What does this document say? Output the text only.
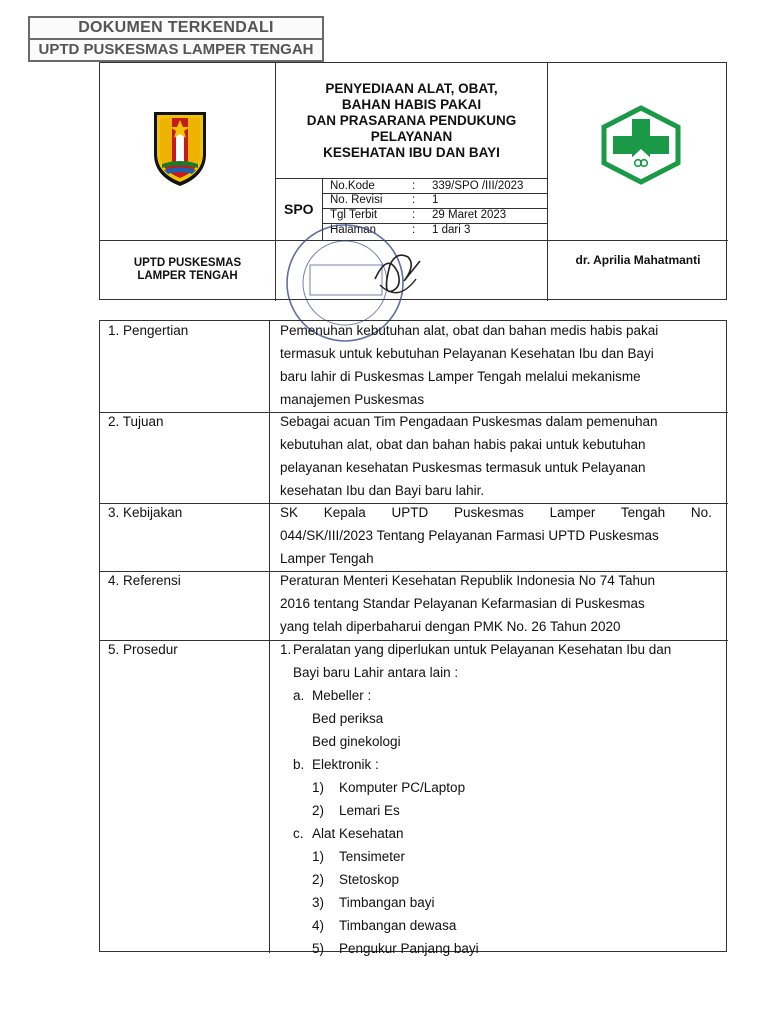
DOKUMEN TERKENDALI
UPTD PUSKESMAS LAMPER TENGAH
PENYEDIAAN ALAT, OBAT,
BAHAN HABIS PAKAI
DAN PRASARANA PENDUKUNG
PELAYANAN
KESEHATAN IBU DAN BAYI
SPO
No.Kode	: 339/SPO /III/2023
No. Revisi	: 1
Tgl Terbit	: 29 Maret 2023
Halaman	: 1 dari 3
UPTD PUSKESMAS
LAMPER TENGAH
dr. Aprilia Mahatmanti
1. Pengertian	Pemenuhan kebutuhan alat, obat dan bahan medis habis pakai
termasuk untuk kebutuhan Pelayanan Kesehatan Ibu dan Bayi
baru lahir di Puskesmas Lamper Tengah melalui mekanisme
manajemen Puskesmas
2. Tujuan	Sebagai acuan Tim Pengadaan Puskesmas dalam pemenuhan
kebutuhan alat, obat dan bahan habis pakai untuk kebutuhan
pelayanan kesehatan Puskesmas termasuk untuk Pelayanan
kesehatan Ibu dan Bayi baru lahir.
3. Kebijakan	SK Kepala UPTD Puskesmas Lamper Tengah No.
044/SK/III/2023 Tentang Pelayanan Farmasi UPTD Puskesmas
Lamper Tengah
4. Referensi	Peraturan Menteri Kesehatan Republik Indonesia No 74 Tahun
2016 tentang Standar Pelayanan Kefarmasian di Puskesmas
yang telah diperbaharui dengan PMK No. 26 Tahun 2020
5. Prosedur	1. Peralatan yang diperlukan untuk Pelayanan Kesehatan Ibu dan
Bayi baru Lahir antara lain :
a. Mebeller :
Bed periksa
Bed ginekologi
b. Elektronik :
1) Komputer PC/Laptop
2) Lemari Es
c. Alat Kesehatan
1) Tensimeter
2) Stetoskop
3) Timbangan bayi
4) Timbangan dewasa
5) Pengukur Panjang bayi
